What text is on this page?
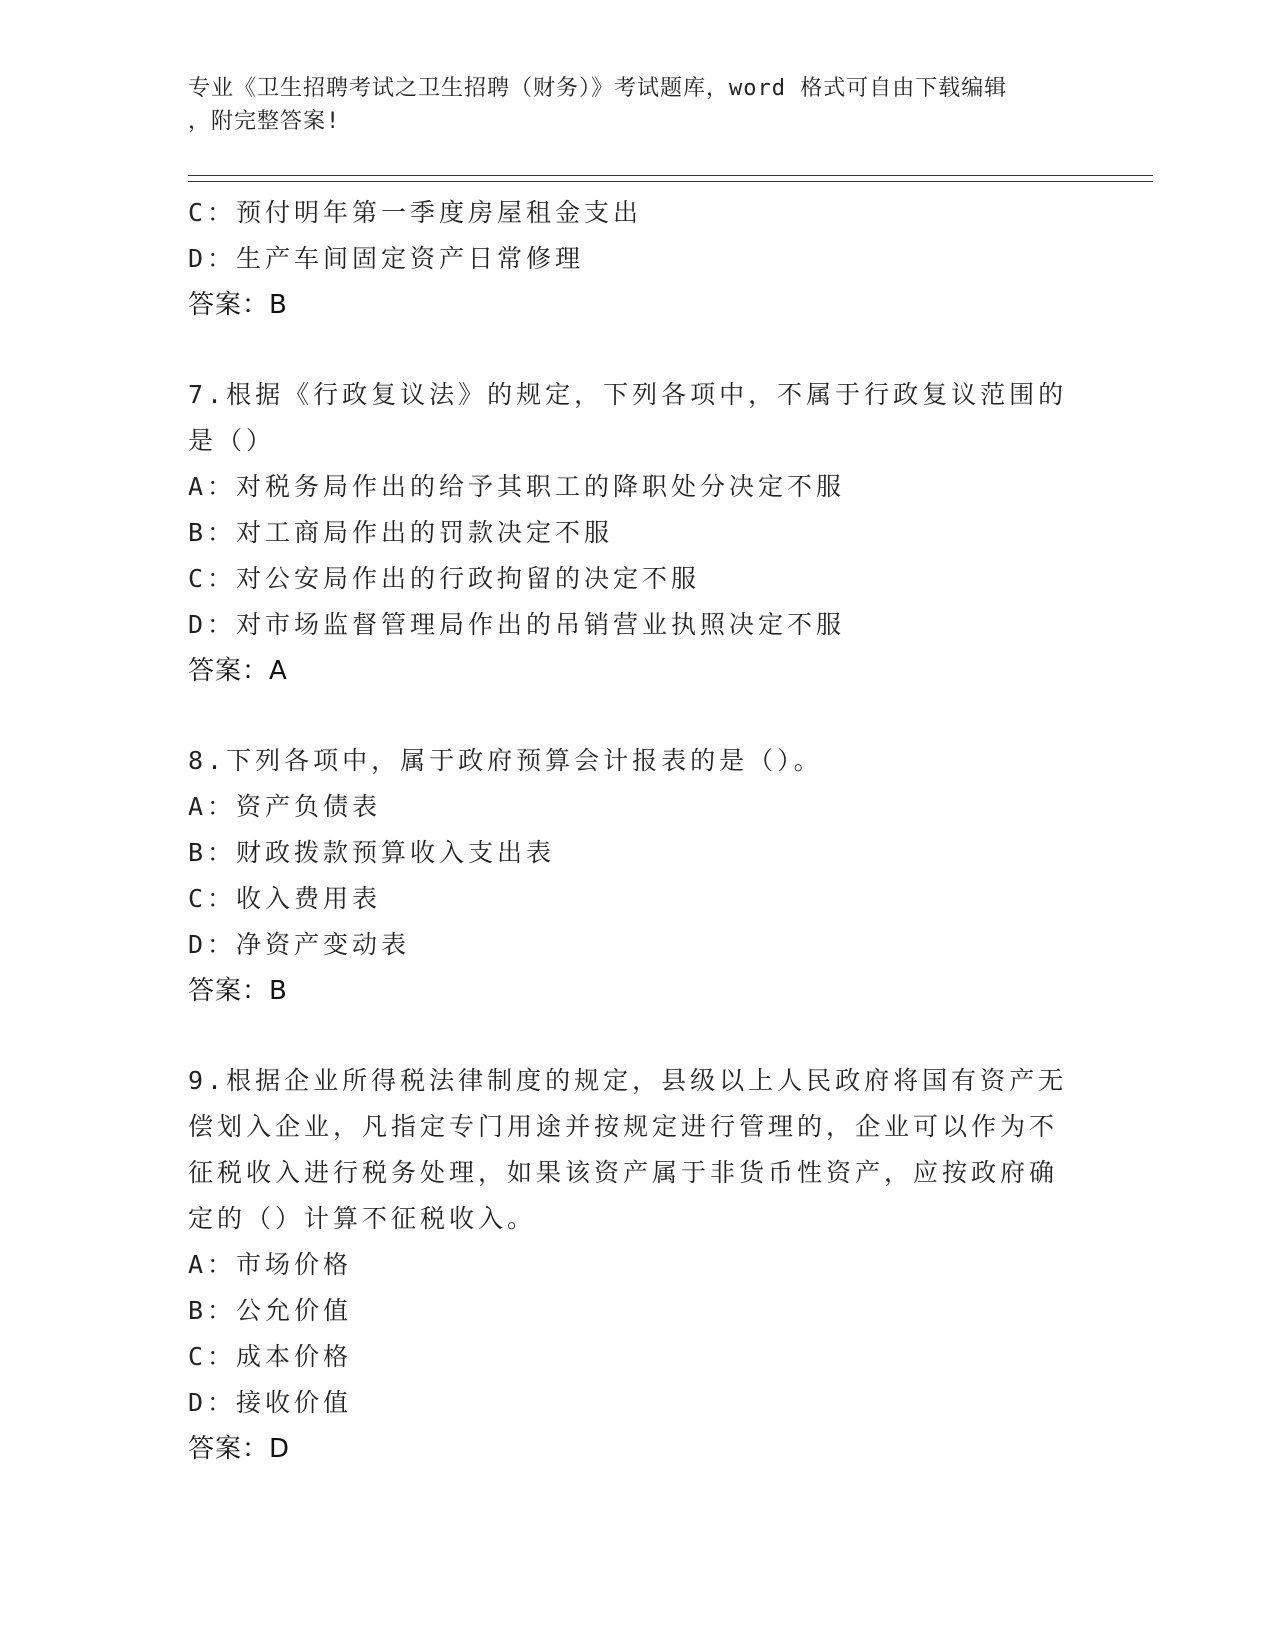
专业《卫生招聘考试之卫生招聘（财务）》考试题库，word 格式可自由下载编辑
，附完整答案!
C：预付明年第一季度房屋租金支出
D：生产车间固定资产日常修理
答案：B
7.根据《行政复议法》的规定，下列各项中，不属于行政复议范围的
是（）
A：对税务局作出的给予其职工的降职处分决定不服
B：对工商局作出的罚款决定不服
C：对公安局作出的行政拘留的决定不服
D：对市场监督管理局作出的吊销营业执照决定不服
答案：A
8.下列各项中，属于政府预算会计报表的是（）。
A：资产负债表
B：财政拨款预算收入支出表
C：收入费用表
D：净资产变动表
答案：B
9.根据企业所得税法律制度的规定，县级以上人民政府将国有资产无
偿划入企业，凡指定专门用途并按规定进行管理的，企业可以作为不
征税收入进行税务处理，如果该资产属于非货币性资产，应按政府确
定的（）计算不征税收入。
A：市场价格
B：公允价值
C：成本价格
D：接收价值
答案：D
